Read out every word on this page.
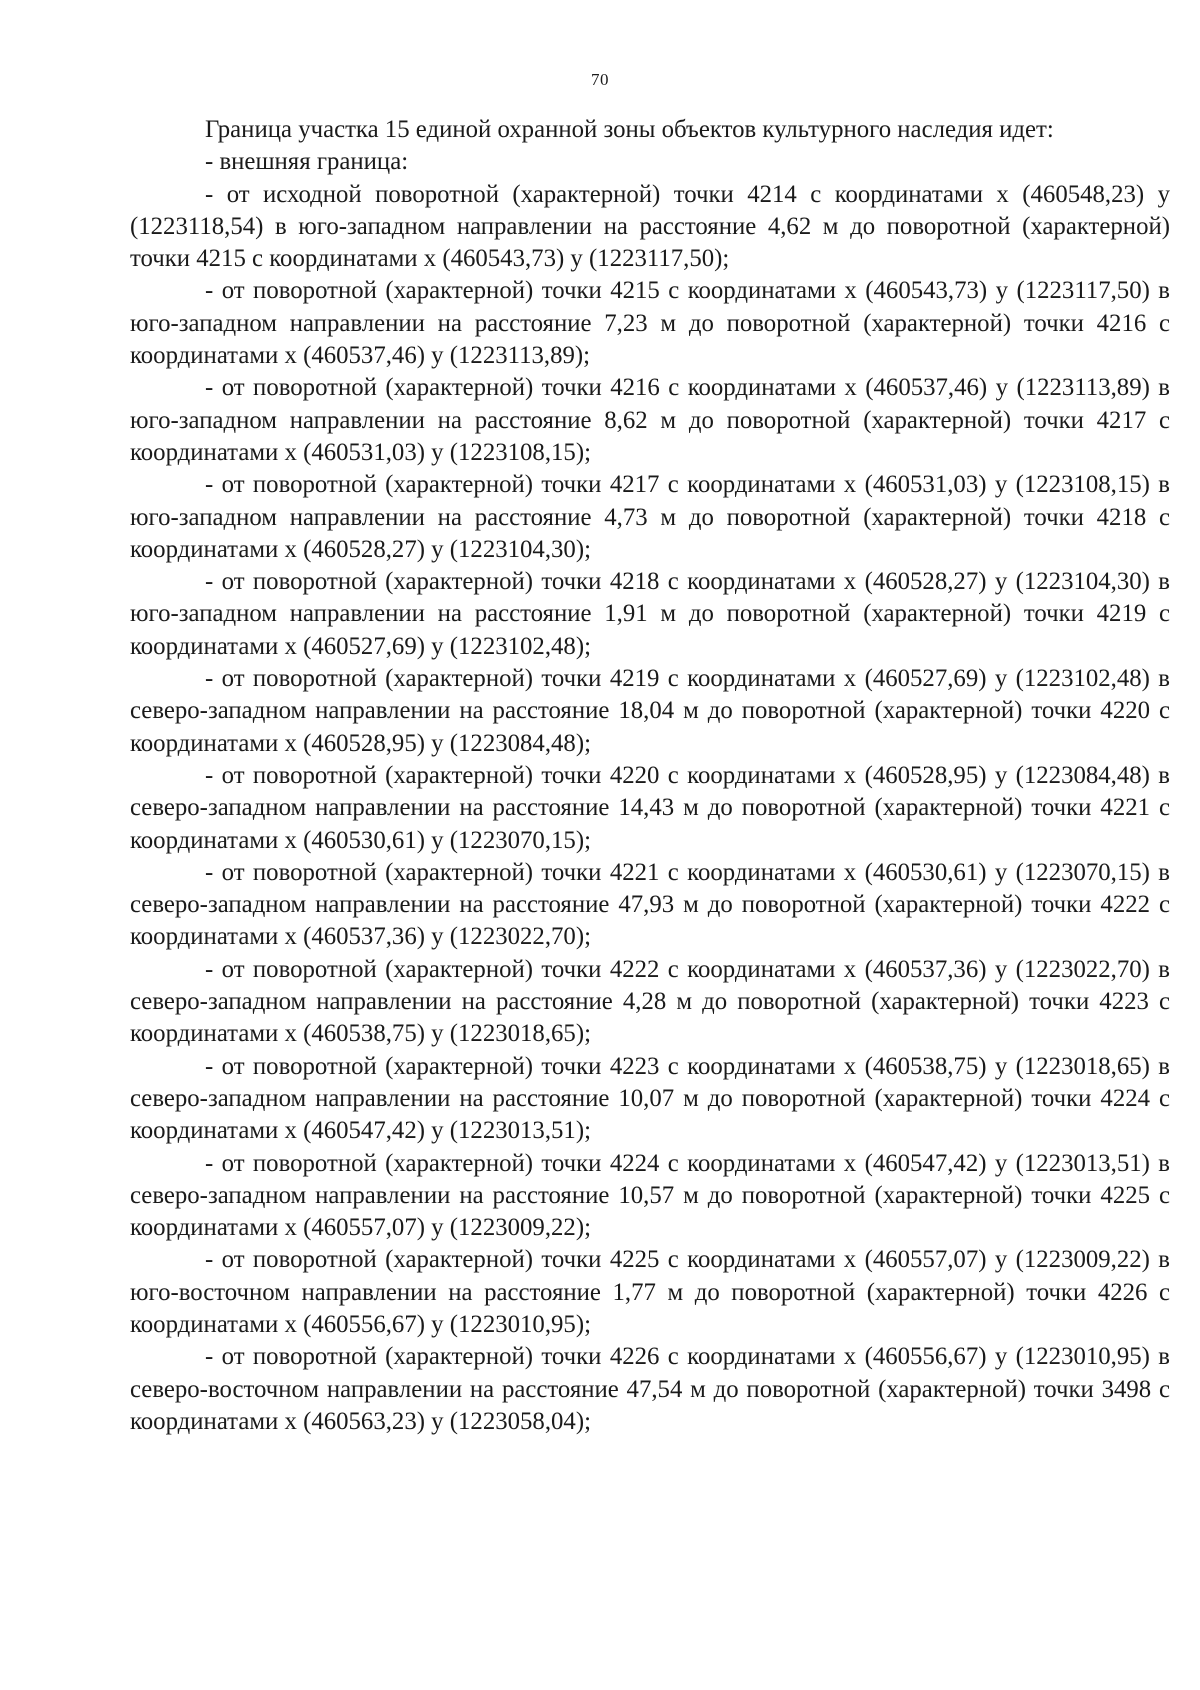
70

Граница участка 15 единой охранной зоны объектов культурного наследия идет:

- внешняя граница:

- от исходной поворотной (характерной) точки 4214 с координатами х (460548,23) у (1223118,54) в юго-западном направлении на расстояние 4,62 м до поворотной (характерной) точки 4215 с координатами х (460543,73) у (1223117,50);

- от поворотной (характерной) точки 4215 с координатами х (460543,73) у (1223117,50) в юго-западном направлении на расстояние 7,23 м до поворотной (характерной) точки 4216 с координатами х (460537,46) у (1223113,89);

- от поворотной (характерной) точки 4216 с координатами х (460537,46) у (1223113,89) в юго-западном направлении на расстояние 8,62 м до поворотной (характерной) точки 4217 с координатами х (460531,03) у (1223108,15);

- от поворотной (характерной) точки 4217 с координатами х (460531,03) у (1223108,15) в юго-западном направлении на расстояние 4,73 м до поворотной (характерной) точки 4218 с координатами х (460528,27) у (1223104,30);

- от поворотной (характерной) точки 4218 с координатами х (460528,27) у (1223104,30) в юго-западном направлении на расстояние 1,91 м до поворотной (характерной) точки 4219 с координатами х (460527,69) у (1223102,48);

- от поворотной (характерной) точки 4219 с координатами х (460527,69) у (1223102,48) в северо-западном направлении на расстояние 18,04 м до поворотной (характерной) точки 4220 с координатами х (460528,95) у (1223084,48);

- от поворотной (характерной) точки 4220 с координатами х (460528,95) у (1223084,48) в северо-западном направлении на расстояние 14,43 м до поворотной (характерной) точки 4221 с координатами х (460530,61) у (1223070,15);

- от поворотной (характерной) точки 4221 с координатами х (460530,61) у (1223070,15) в северо-западном направлении на расстояние 47,93 м до поворотной (характерной) точки 4222 с координатами х (460537,36) у (1223022,70);

- от поворотной (характерной) точки 4222 с координатами х (460537,36) у (1223022,70) в северо-западном направлении на расстояние 4,28 м до поворотной (характерной) точки 4223 с координатами х (460538,75) у (1223018,65);

- от поворотной (характерной) точки 4223 с координатами х (460538,75) у (1223018,65) в северо-западном направлении на расстояние 10,07 м до поворотной (характерной) точки 4224 с координатами х (460547,42) у (1223013,51);

- от поворотной (характерной) точки 4224 с координатами х (460547,42) у (1223013,51) в северо-западном направлении на расстояние 10,57 м до поворотной (характерной) точки 4225 с координатами х (460557,07) у (1223009,22);

- от поворотной (характерной) точки 4225 с координатами х (460557,07) у (1223009,22) в юго-восточном направлении на расстояние 1,77 м до поворотной (характерной) точки 4226 с координатами х (460556,67) у (1223010,95);

- от поворотной (характерной) точки 4226 с координатами х (460556,67) у (1223010,95) в северо-восточном направлении на расстояние 47,54 м до поворотной (характерной) точки 3498 с координатами х (460563,23) у (1223058,04);
